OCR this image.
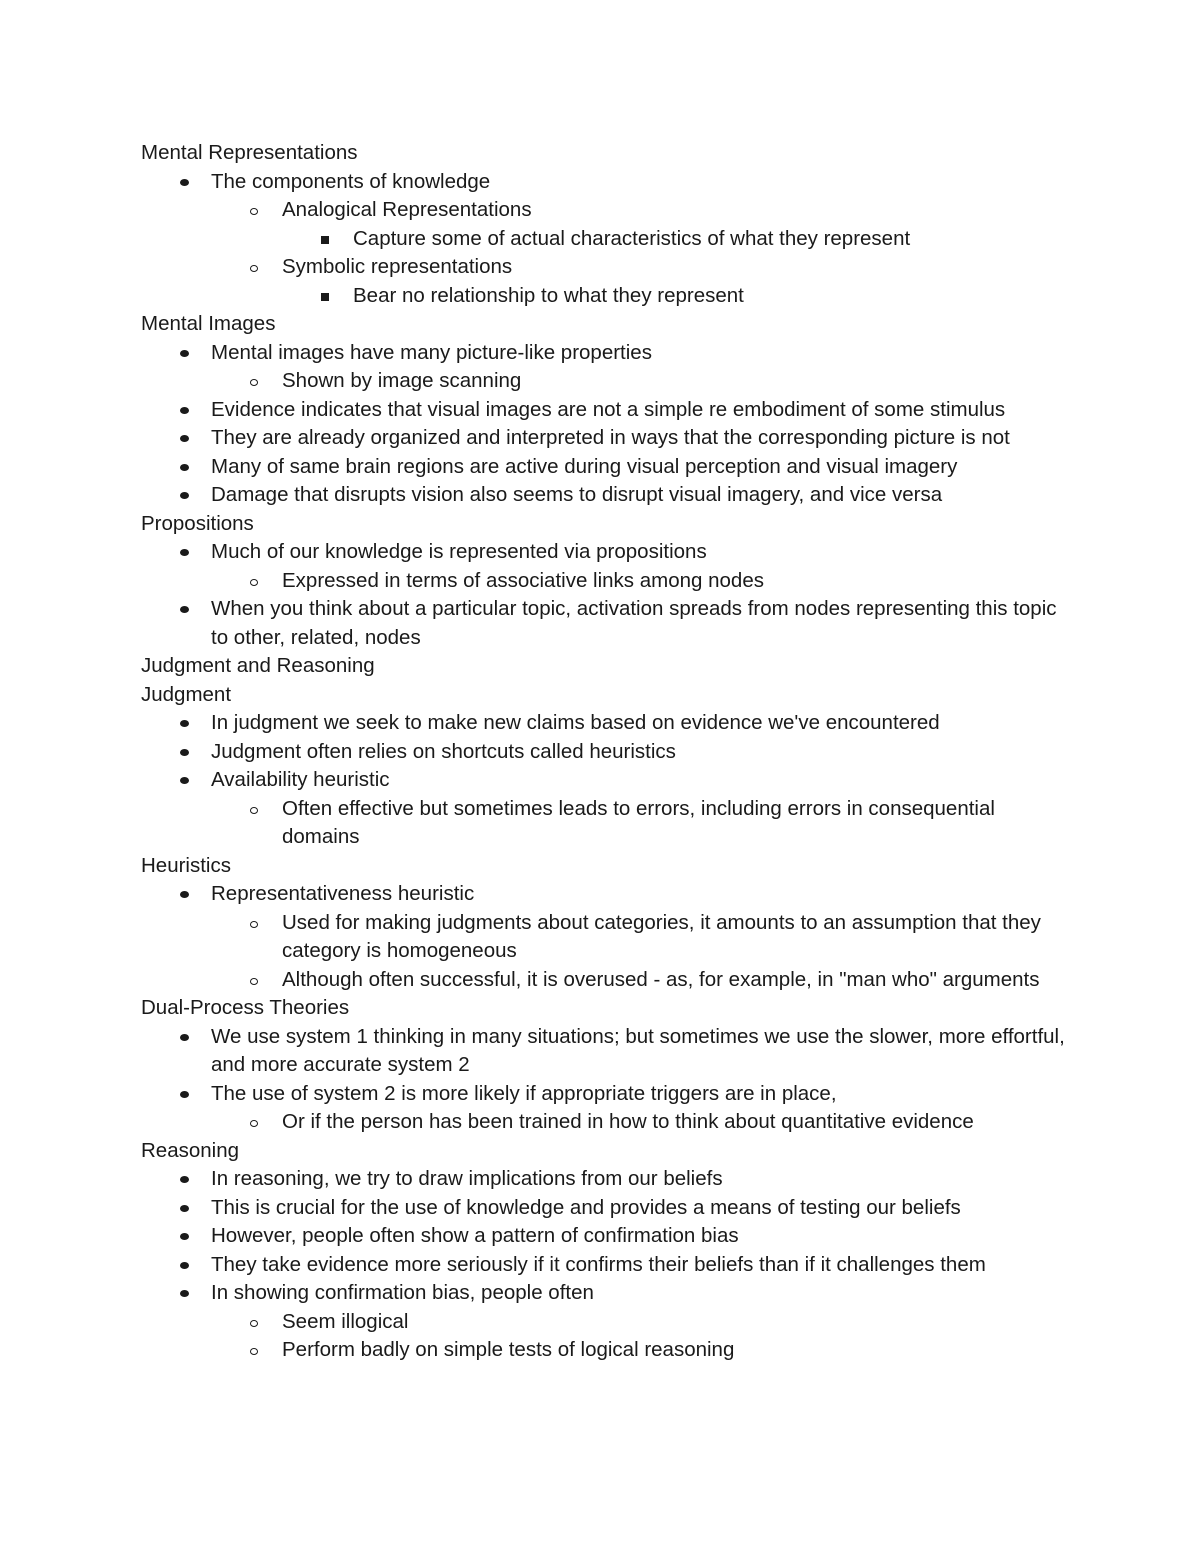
Mental Representations
The components of knowledge
Analogical Representations
Capture some of actual characteristics of what they represent
Symbolic representations
Bear no relationship to what they represent
Mental Images
Mental images have many picture-like properties
Shown by image scanning
Evidence indicates that visual images are not a simple re embodiment of some stimulus
They are already organized and interpreted in ways that the corresponding picture is not
Many of same brain regions are active during visual perception and visual imagery
Damage that disrupts vision also seems to disrupt visual imagery, and vice versa
Propositions
Much of our knowledge is represented via propositions
Expressed in terms of associative links among nodes
When you think about a particular topic, activation spreads from nodes representing this topic to other, related, nodes
Judgment and Reasoning
Judgment
In judgment we seek to make new claims based on evidence we've encountered
Judgment often relies on shortcuts called heuristics
Availability heuristic
Often effective but sometimes leads to errors, including errors in consequential domains
Heuristics
Representativeness heuristic
Used for making judgments about categories, it amounts to an assumption that they category is homogeneous
Although often successful, it is overused - as, for example, in "man who" arguments
Dual-Process Theories
We use system 1 thinking in many situations; but sometimes we use the slower, more effortful, and more accurate system 2
The use of system 2 is more likely if appropriate triggers are in place,
Or if the person has been trained in how to think about quantitative evidence
Reasoning
In reasoning, we try to draw implications from our beliefs
This is crucial for the use of knowledge and provides a means of testing our beliefs
However, people often show a pattern of confirmation bias
They take evidence more seriously if it confirms their beliefs than if it challenges them
In showing confirmation bias, people often
Seem illogical
Perform badly on simple tests of logical reasoning
